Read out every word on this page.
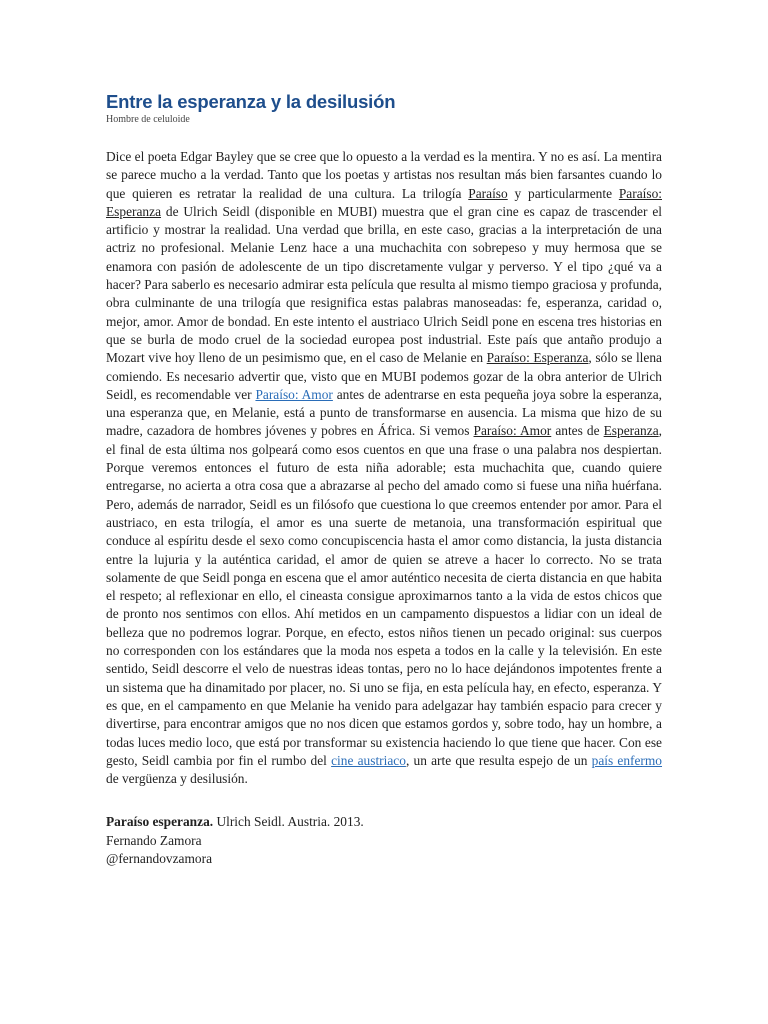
Entre la esperanza y la desilusión

Hombre de celuloide

Dice el poeta Edgar Bayley que se cree que lo opuesto a la verdad es la mentira. Y no es así. La mentira se parece mucho a la verdad. Tanto que los poetas y artistas nos resultan más bien farsantes cuando lo que quieren es retratar la realidad de una cultura. La trilogía Paraíso y particularmente Paraíso: Esperanza de Ulrich Seidl (disponible en MUBI) muestra que el gran cine es capaz de trascender el artificio y mostrar la realidad. Una verdad que brilla, en este caso, gracias a la interpretación de una actriz no profesional. Melanie Lenz hace a una muchachita con sobrepeso y muy hermosa que se enamora con pasión de adolescente de un tipo discretamente vulgar y perverso. Y el tipo ¿qué va a hacer? Para saberlo es necesario admirar esta película que resulta al mismo tiempo graciosa y profunda, obra culminante de una trilogía que resignifica estas palabras manoseadas: fe, esperanza, caridad o, mejor, amor. Amor de bondad. En este intento el austriaco Ulrich Seidl pone en escena tres historias en que se burla de modo cruel de la sociedad europea post industrial. Este país que antaño produjo a Mozart vive hoy lleno de un pesimismo que, en el caso de Melanie en Paraíso: Esperanza, sólo se llena comiendo. Es necesario advertir que, visto que en MUBI podemos gozar de la obra anterior de Ulrich Seidl, es recomendable ver Paraíso: Amor antes de adentrarse en esta pequeña joya sobre la esperanza, una esperanza que, en Melanie, está a punto de transformarse en ausencia. La misma que hizo de su madre, cazadora de hombres jóvenes y pobres en África. Si vemos Paraíso: Amor antes de Esperanza, el final de esta última nos golpeará como esos cuentos en que una frase o una palabra nos despiertan. Porque veremos entonces el futuro de esta niña adorable; esta muchachita que, cuando quiere entregarse, no acierta a otra cosa que a abrazarse al pecho del amado como si fuese una niña huérfana. Pero, además de narrador, Seidl es un filósofo que cuestiona lo que creemos entender por amor. Para el austriaco, en esta trilogía, el amor es una suerte de metanoia, una transformación espiritual que conduce al espíritu desde el sexo como concupiscencia hasta el amor como distancia, la justa distancia entre la lujuria y la auténtica caridad, el amor de quien se atreve a hacer lo correcto. No se trata solamente de que Seidl ponga en escena que el amor auténtico necesita de cierta distancia en que habita el respeto; al reflexionar en ello, el cineasta consigue aproximarnos tanto a la vida de estos chicos que de pronto nos sentimos con ellos. Ahí metidos en un campamento dispuestos a lidiar con un ideal de belleza que no podremos lograr. Porque, en efecto, estos niños tienen un pecado original: sus cuerpos no corresponden con los estándares que la moda nos espeta a todos en la calle y la televisión. En este sentido, Seidl descorre el velo de nuestras ideas tontas, pero no lo hace dejándonos impotentes frente a un sistema que ha dinamitado por placer, no. Si uno se fija, en esta película hay, en efecto, esperanza. Y es que, en el campamento en que Melanie ha venido para adelgazar hay también espacio para crecer y divertirse, para encontrar amigos que no nos dicen que estamos gordos y, sobre todo, hay un hombre, a todas luces medio loco, que está por transformar su existencia haciendo lo que tiene que hacer. Con ese gesto, Seidl cambia por fin el rumbo del cine austriaco, un arte que resulta espejo de un país enfermo de vergüenza y desilusión.

Paraíso esperanza. Ulrich Seidl. Austria. 2013.
Fernando Zamora
@fernandovzamora
